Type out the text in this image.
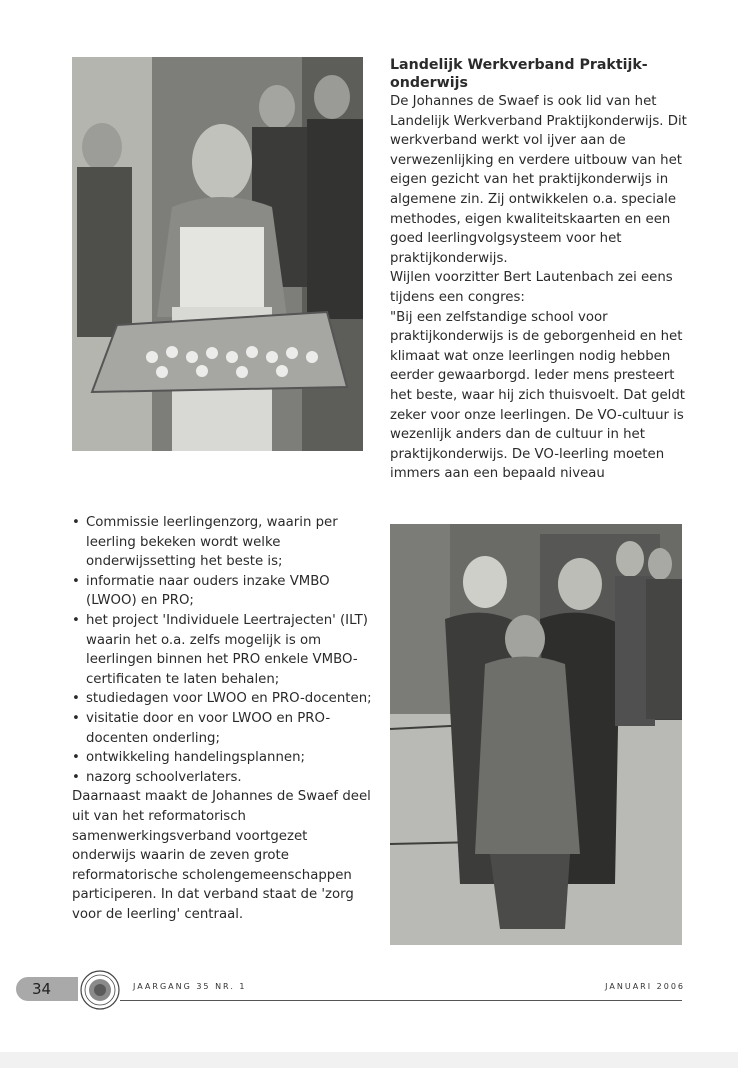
Landelijk Werkverband Praktijk-onderwijs

De Johannes de Swaef is ook lid van het Landelijk Werkverband Praktijkonderwijs. Dit werkverband werkt vol ijver aan de verwezenlijking en verdere uitbouw van het eigen gezicht van het praktijkonderwijs in algemene zin. Zij ontwikkelen o.a. speciale methodes, eigen kwaliteitskaarten en een goed leerlingvolgsysteem voor het praktijkonderwijs.

Wijlen voorzitter Bert Lautenbach zei eens tijdens een congres:

"Bij een zelfstandige school voor praktijkonderwijs is de geborgenheid en het klimaat wat onze leerlingen nodig hebben eerder gewaarborgd. Ieder mens presteert het beste, waar hij zich thuisvoelt. Dat geldt zeker voor onze leerlingen. De VO-cultuur is wezenlijk anders dan de cultuur in het praktijkonderwijs. De VO-leerling moeten immers aan een bepaald niveau

• Commissie leerlingenzorg, waarin per leerling bekeken wordt welke onderwijssetting het beste is;
• informatie naar ouders inzake VMBO (LWOO) en PRO;
• het project 'Individuele Leertrajecten' (ILT) waarin het o.a. zelfs mogelijk is om leerlingen binnen het PRO enkele VMBO-certificaten te laten behalen;
• studiedagen voor LWOO en PRO-docenten;
• visitatie door en voor LWOO en PRO-docenten onderling;
• ontwikkeling handelingsplannen;
• nazorg schoolverlaters.

Daarnaast maakt de Johannes de Swaef deel uit van het reformatorisch samenwerkingsverband voortgezet onderwijs waarin de zeven grote reformatorische scholengemeenschappen participeren. In dat verband staat de 'zorg voor de leerling' centraal.

34	JAARGANG 35 NR. 1	JANUARI 2006
